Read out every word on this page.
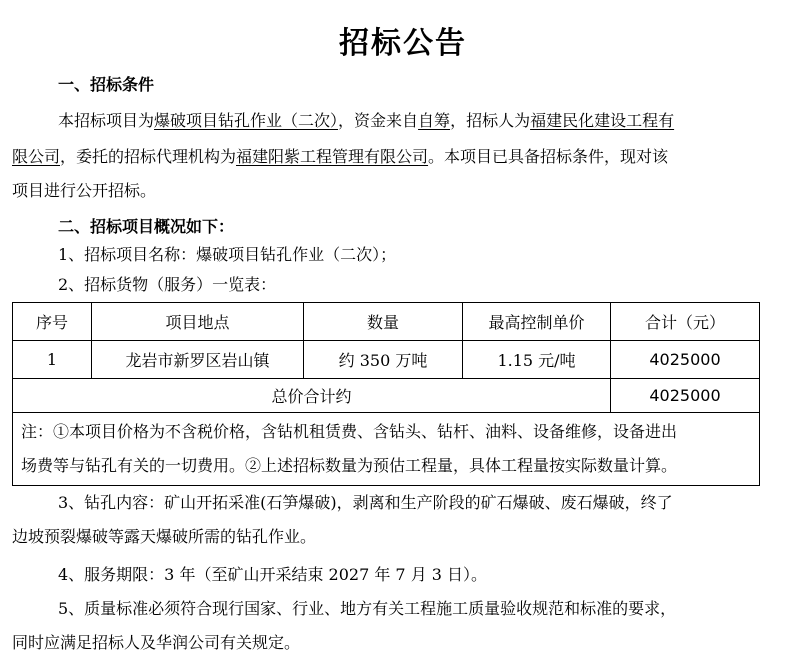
招标公告
一、招标条件
本招标项目为爆破项目钻孔作业（二次），资金来自自筹，招标人为福建民化建设工程有
限公司，委托的招标代理机构为福建阳紫工程管理有限公司。本项目已具备招标条件，现对该
项目进行公开招标。
二、招标项目概况如下：
1、招标项目名称：爆破项目钻孔作业（二次）；
2、招标货物（服务）一览表：
序号	项目地点	数量	最高控制单价	合计（元）
1	龙岩市新罗区岩山镇	约 350 万吨	1.15 元/吨	4025000
总价合计约				4025000

注：①本项目价格为不含税价格，含钻机租赁费、含钻头、钻杆、油料、设备维修，设备进出
场费等与钻孔有关的一切费用。②上述招标数量为预估工程量，具体工程量按实际数量计算。				
3、钻孔内容：矿山开拓采准(石笋爆破)，剥离和生产阶段的矿石爆破、废石爆破，终了
边坡预裂爆破等露天爆破所需的钻孔作业。
4、服务期限：3 年（至矿山开采结束 2027 年 7 月 3 日）。
5、质量标准必须符合现行国家、行业、地方有关工程施工质量验收规范和标准的要求，
同时应满足招标人及华润公司有关规定。
